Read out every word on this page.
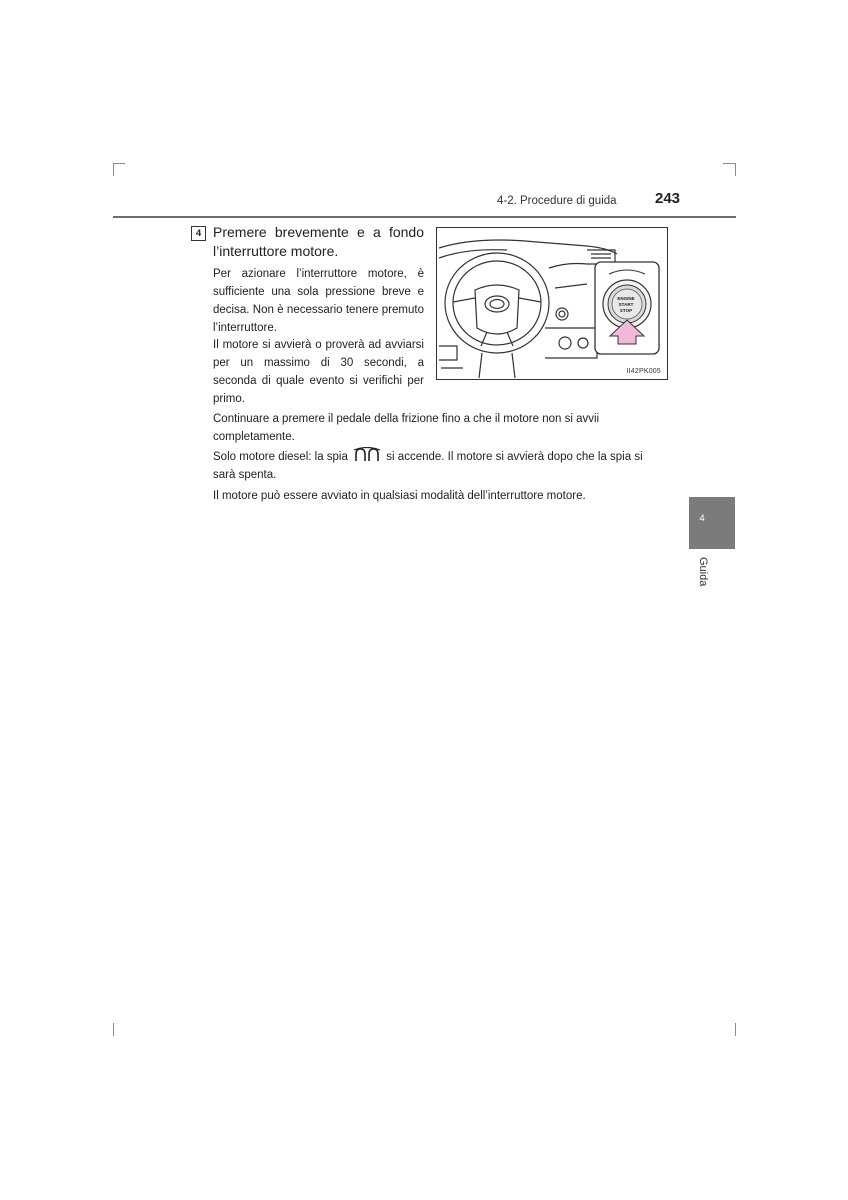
4-2. Procedure di guida	243
4 Premere brevemente e a fondo l’interruttore motore.
Per azionare l’interruttore motore, è sufficiente una sola pressione breve e decisa. Non è necessario tenere premuto l’interruttore.
Il motore si avvierà o proverà ad avviarsi per un massimo di 30 secondi, a seconda di quale evento si verifichi per primo.
ENGINE
START
STOP
II42PK005
Continuare a premere il pedale della frizione fino a che il motore non si avvii completamente.
Solo motore diesel: la spia	si accende. Il motore si avvierà dopo che la spia si sarà spenta.
Il motore può essere avviato in qualsiasi modalità dell’interruttore motore.
4
Guida
